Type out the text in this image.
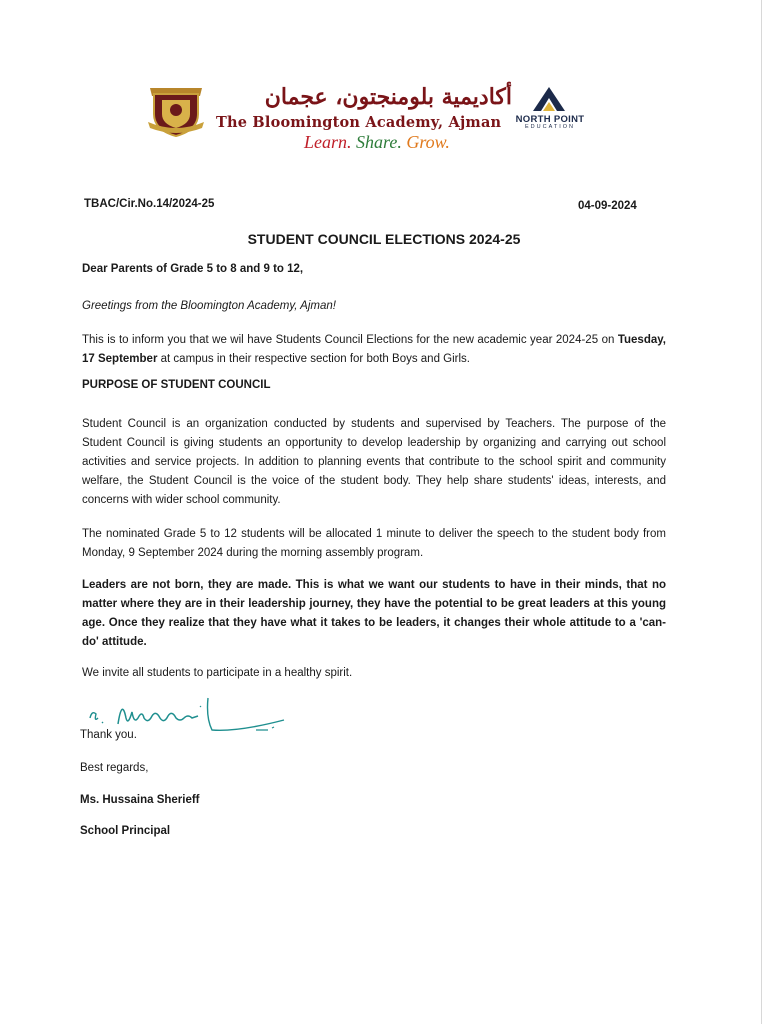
أكاديمية بلومنجتون، عجمان
The Bloomington Academy, Ajman
Learn. Share. Grow.
NORTH POINT
EDUCATION
TBAC/Cir.No.14/2024-25	04-09-2024
STUDENT COUNCIL ELECTIONS 2024-25
Dear Parents of Grade 5 to 8 and 9 to 12,
Greetings from the Bloomington Academy, Ajman!
This is to inform you that we wil have Students Council Elections for the new academic year 2024-25 on Tuesday, 17 September at campus in their respective section for both Boys and Girls.
PURPOSE OF STUDENT COUNCIL
Student Council is an organization conducted by students and supervised by Teachers. The purpose of the Student Council is giving students an opportunity to develop leadership by organizing and carrying out school activities and service projects. In addition to planning events that contribute to the school spirit and community welfare, the Student Council is the voice of the student body. They help share students' ideas, interests, and concerns with wider school community.
The nominated Grade 5 to 12 students will be allocated 1 minute to deliver the speech to the student body from Monday, 9 September 2024 during the morning assembly program.
Leaders are not born, they are made. This is what we want our students to have in their minds, that no matter where they are in their leadership journey, they have the potential to be great leaders at this young age. Once they realize that they have what it takes to be leaders, it changes their whole attitude to a 'can-do' attitude.
We invite all students to participate in a healthy spirit.
Thank you.
Best regards,
Ms. Hussaina Sherieff
School Principal
